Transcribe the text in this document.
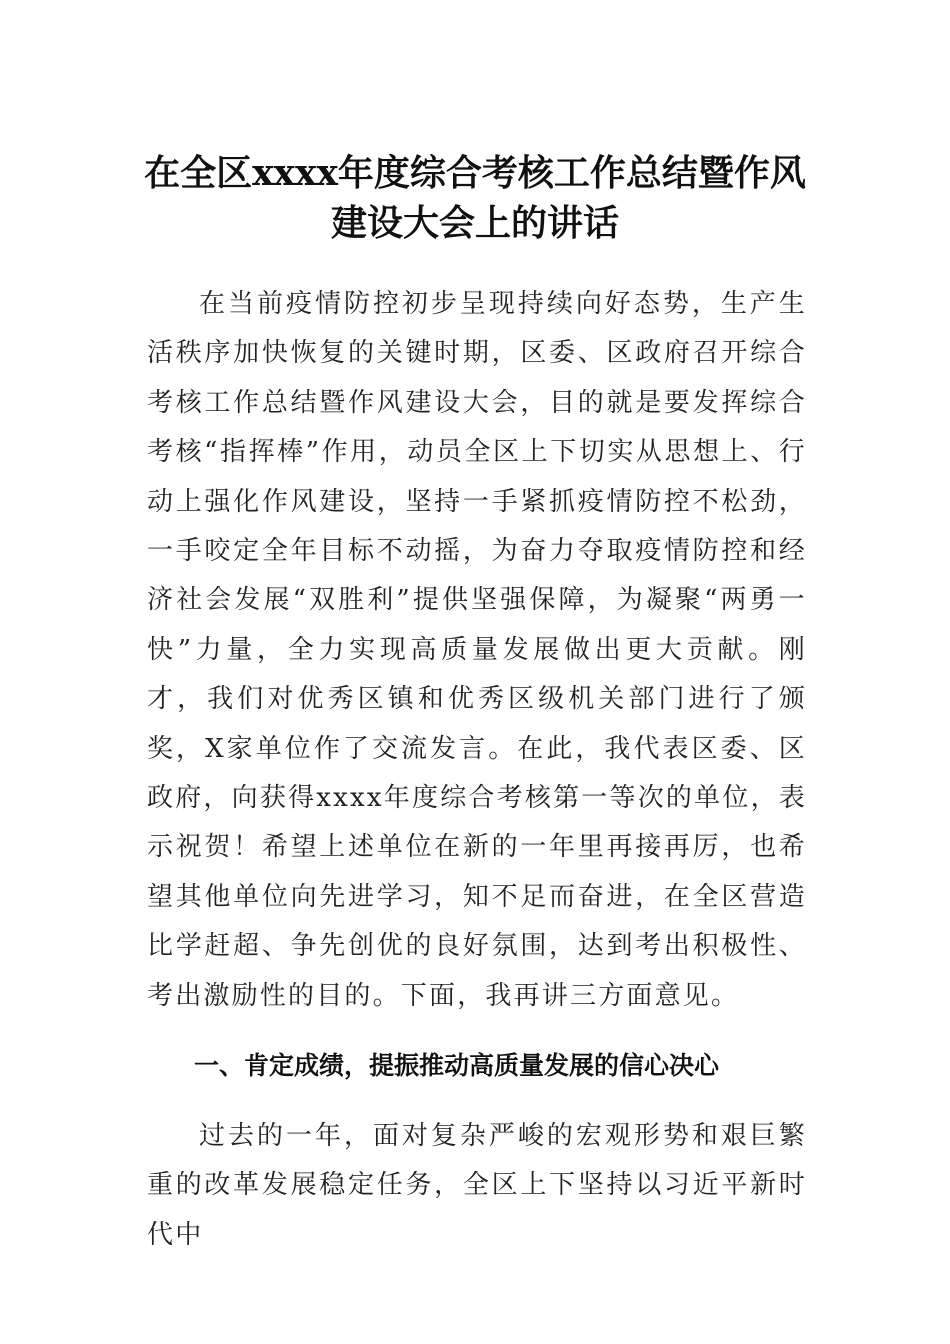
在全区xxxx年度综合考核工作总结暨作风
建设大会上的讲话

在当前疫情防控初步呈现持续向好态势，生产生活秩序加快恢复的关键时期，区委、区政府召开综合考核工作总结暨作风建设大会，目的就是要发挥综合考核“指挥棒”作用，动员全区上下切实从思想上、行动上强化作风建设，坚持一手紧抓疫情防控不松劲，一手咬定全年目标不动摇，为奋力夺取疫情防控和经济社会发展“双胜利”提供坚强保障，为凝聚“两勇一快”力量，全力实现高质量发展做出更大贡献。刚才，我们对优秀区镇和优秀区级机关部门进行了颁奖，X家单位作了交流发言。在此，我代表区委、区政府，向获得xxxx年度综合考核第一等次的单位，表示祝贺！希望上述单位在新的一年里再接再厉，也希望其他单位向先进学习，知不足而奋进，在全区营造比学赶超、争先创优的良好氛围，达到考出积极性、考出激励性的目的。下面，我再讲三方面意见。

一、肯定成绩，提振推动高质量发展的信心决心

过去的一年，面对复杂严峻的宏观形势和艰巨繁重的改革发展稳定任务，全区上下坚持以习近平新时代中
